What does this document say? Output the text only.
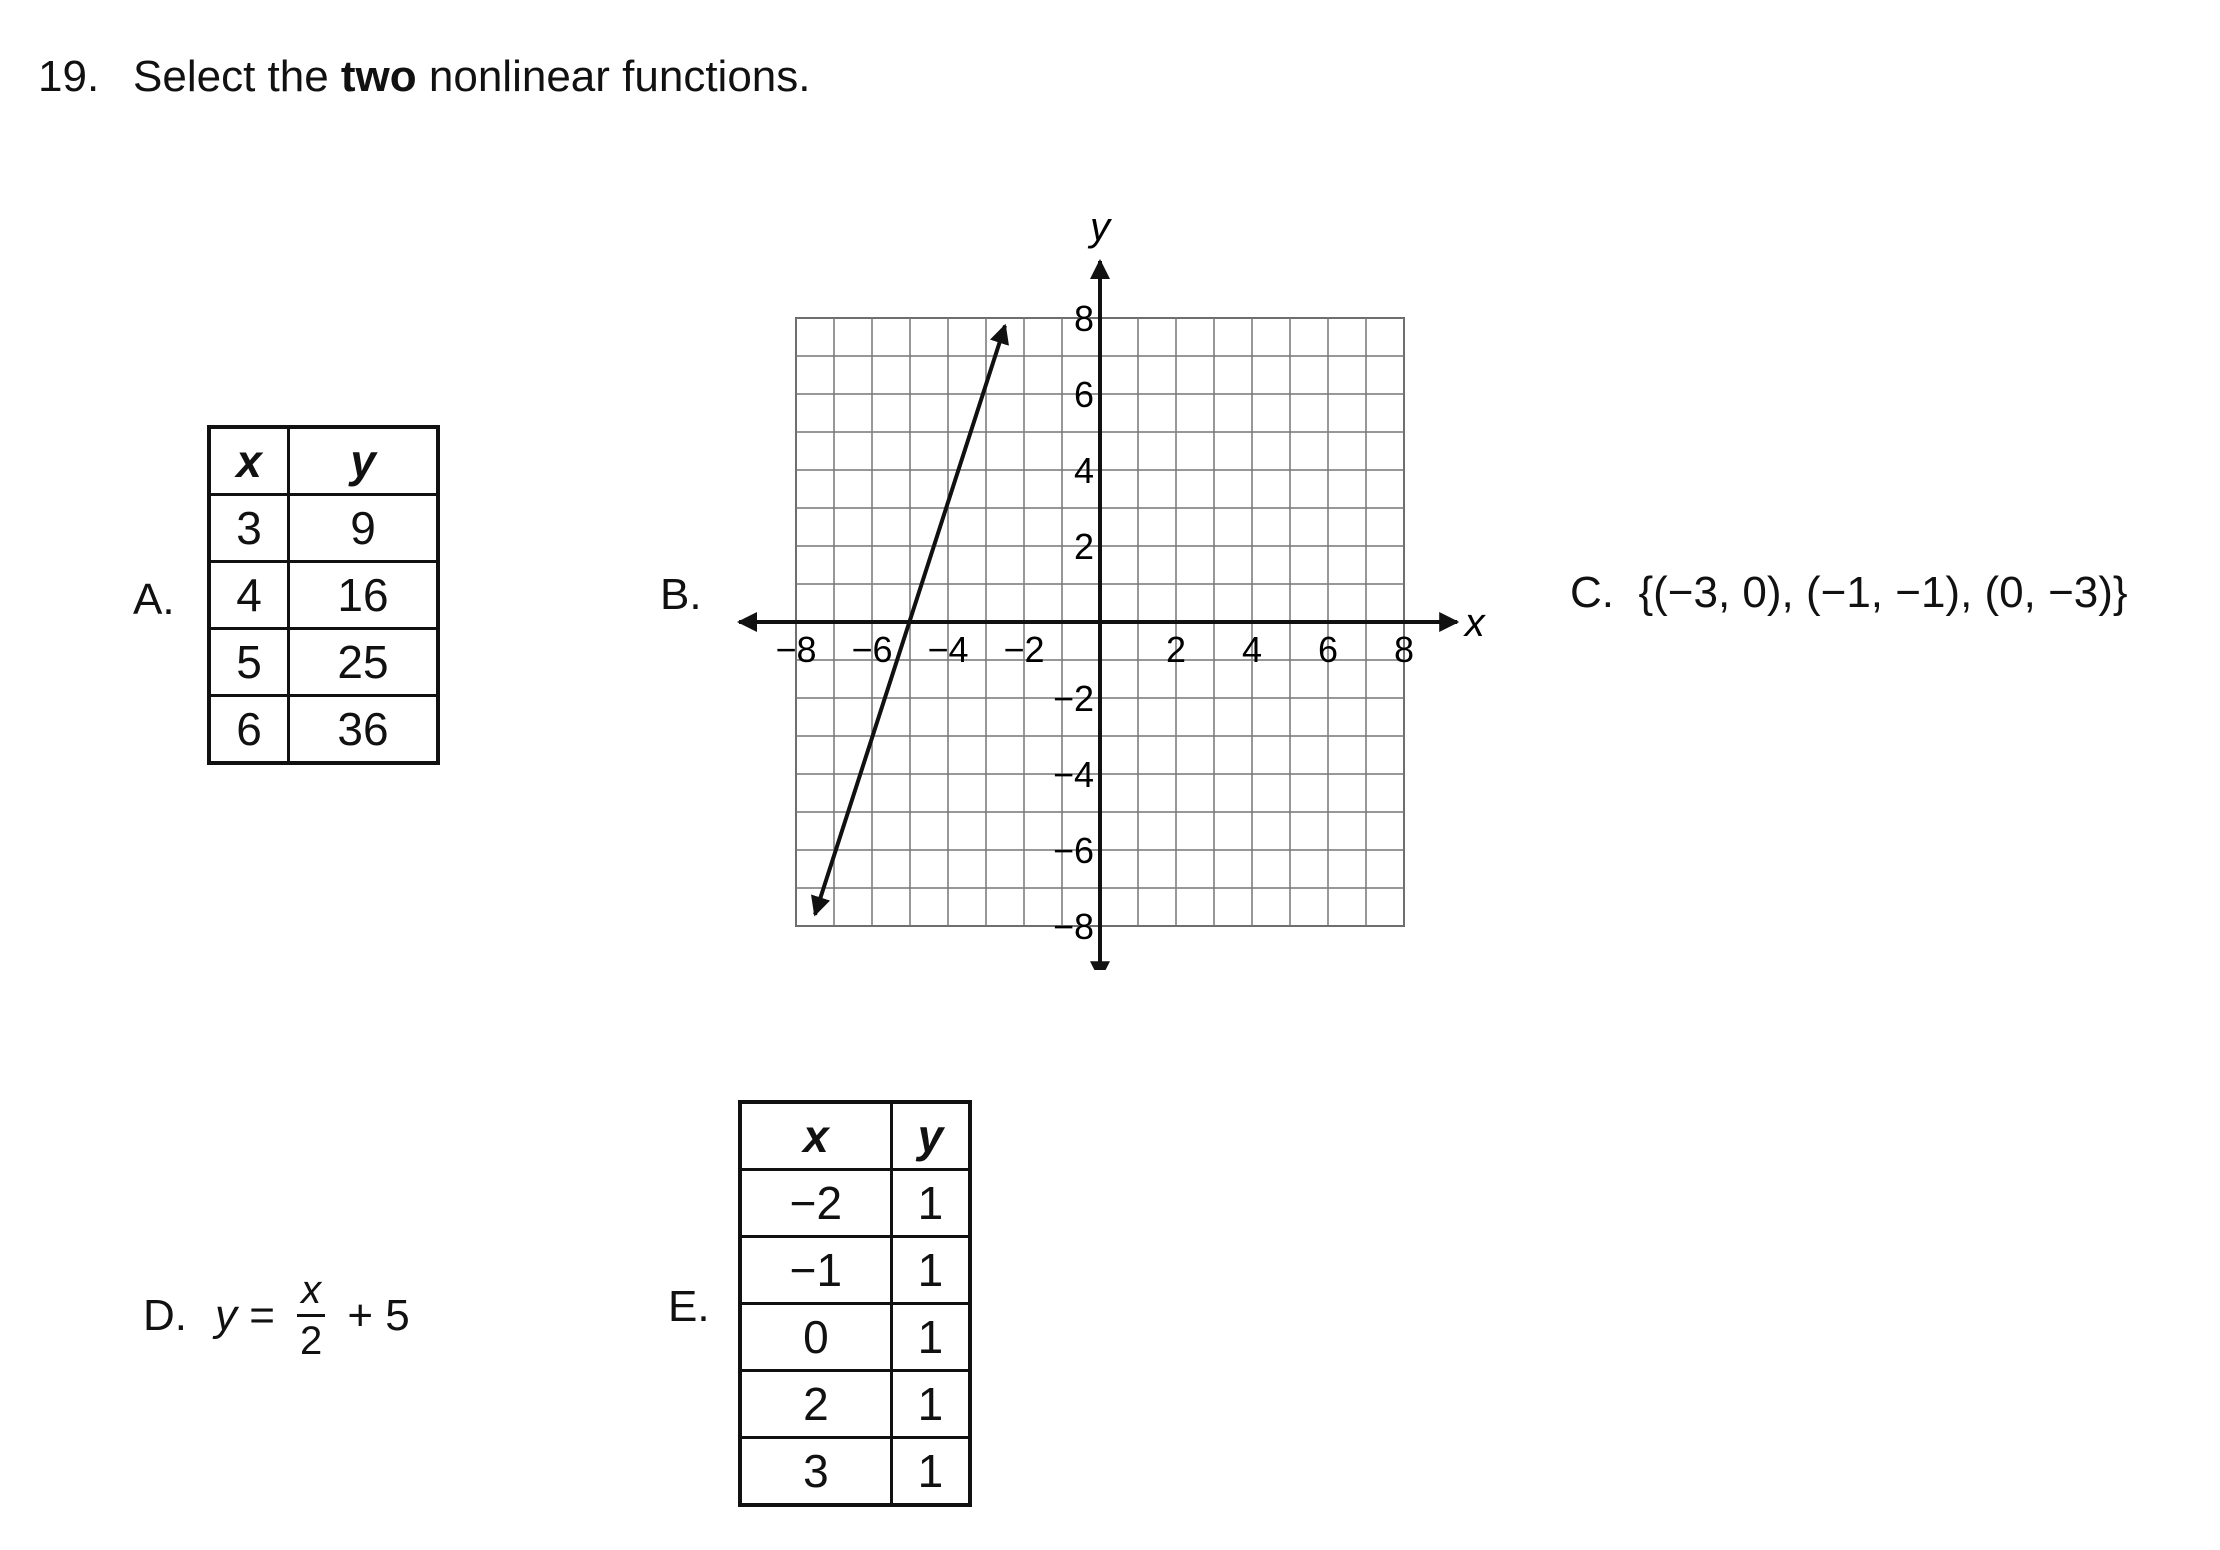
19. Select the two nonlinear functions.
A.
x	y
3	9
4	16
5	25
6	36
B.
−8 −6 −4 −2	2 4 6 8
8
6
4
2
−2
−4
−6
−8
x
y
C. {(−3, 0), (−1, −1), (0, −3)}
D. $y = \frac{x}{2} + 5$	E.
x	y
−2	1
−1	1
0	1
2	1
3	1
